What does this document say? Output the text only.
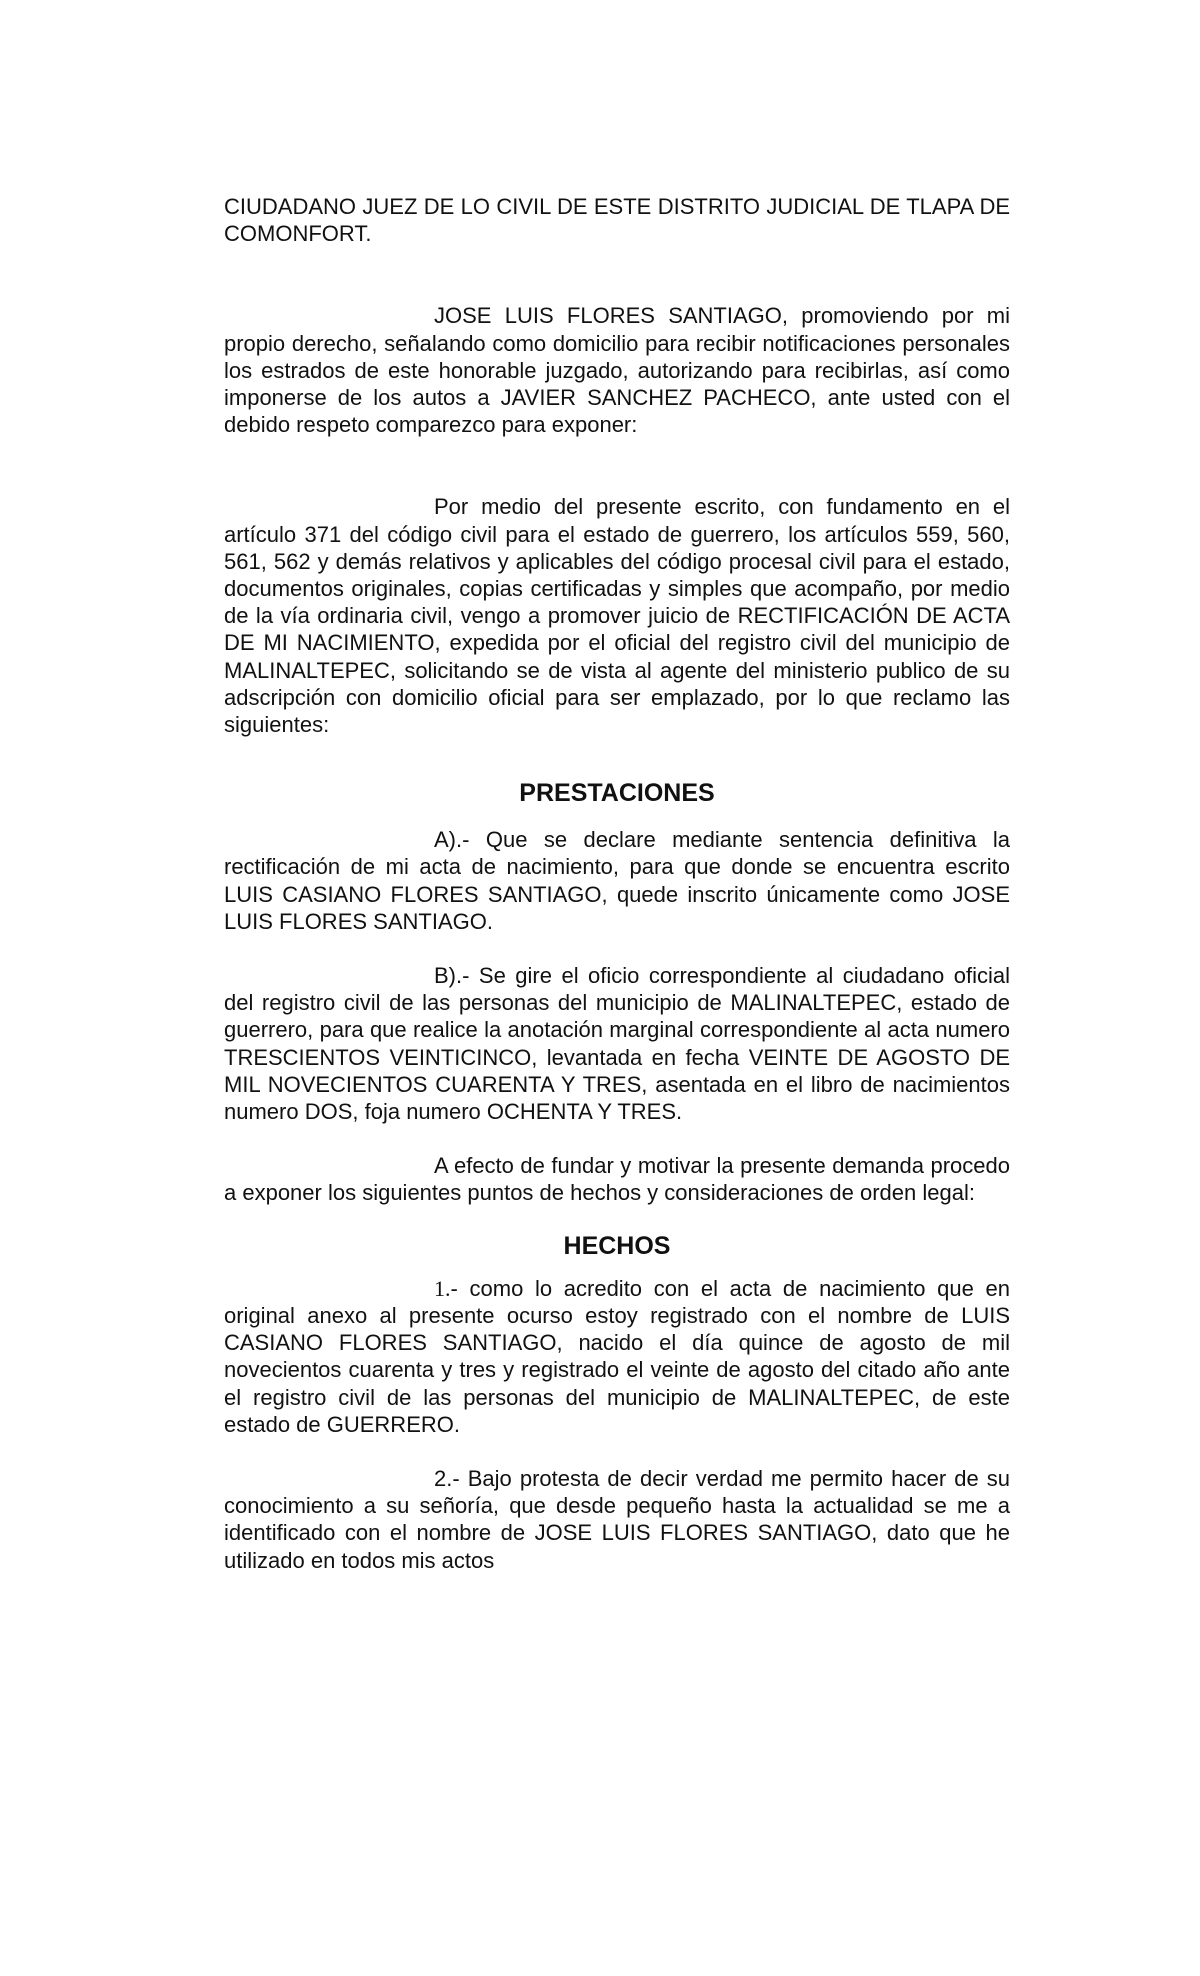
CIUDADANO JUEZ DE LO CIVIL DE ESTE DISTRITO JUDICIAL DE TLAPA DE COMONFORT.

JOSE LUIS FLORES SANTIAGO, promoviendo por mi propio derecho, señalando como domicilio para recibir notificaciones personales los estrados de este honorable juzgado, autorizando para recibirlas, así como imponerse de los autos a JAVIER SANCHEZ PACHECO, ante usted con el debido respeto comparezco para exponer:

Por medio del presente escrito, con fundamento en el artículo 371 del código civil para el estado de guerrero, los artículos 559, 560, 561, 562 y demás relativos y aplicables del código procesal civil para el estado, documentos originales, copias certificadas y simples que acompaño, por medio de la vía ordinaria civil, vengo a promover juicio de RECTIFICACIÓN DE ACTA DE MI NACIMIENTO, expedida por el oficial del registro civil del municipio de MALINALTEPEC, solicitando se de vista al agente del ministerio publico de su adscripción con domicilio oficial para ser emplazado, por lo que reclamo las siguientes:

PRESTACIONES

A).- Que se declare mediante sentencia definitiva la rectificación de mi acta de nacimiento, para que donde se encuentra escrito LUIS CASIANO FLORES SANTIAGO, quede inscrito únicamente como JOSE LUIS FLORES SANTIAGO.

B).- Se gire el oficio correspondiente al ciudadano oficial del registro civil de las personas del municipio de MALINALTEPEC, estado de guerrero, para que realice la anotación marginal correspondiente al acta numero TRESCIENTOS VEINTICINCO, levantada en fecha VEINTE DE AGOSTO DE MIL NOVECIENTOS CUARENTA Y TRES, asentada en el libro de nacimientos numero DOS, foja numero OCHENTA Y TRES.

A efecto de fundar y motivar la presente demanda procedo a exponer los siguientes puntos de hechos y consideraciones de orden legal:

HECHOS

1.- como lo acredito con el acta de nacimiento que en original anexo al presente ocurso estoy registrado con el nombre de LUIS CASIANO FLORES SANTIAGO, nacido el día quince de agosto de mil novecientos cuarenta y tres y registrado el veinte de agosto del citado año ante el registro civil de las personas del municipio de MALINALTEPEC, de este estado de GUERRERO.

2.- Bajo protesta de decir verdad me permito hacer de su conocimiento a su señoría, que desde pequeño hasta la actualidad se me a identificado con el nombre de JOSE LUIS FLORES SANTIAGO, dato que he utilizado en todos mis actos
